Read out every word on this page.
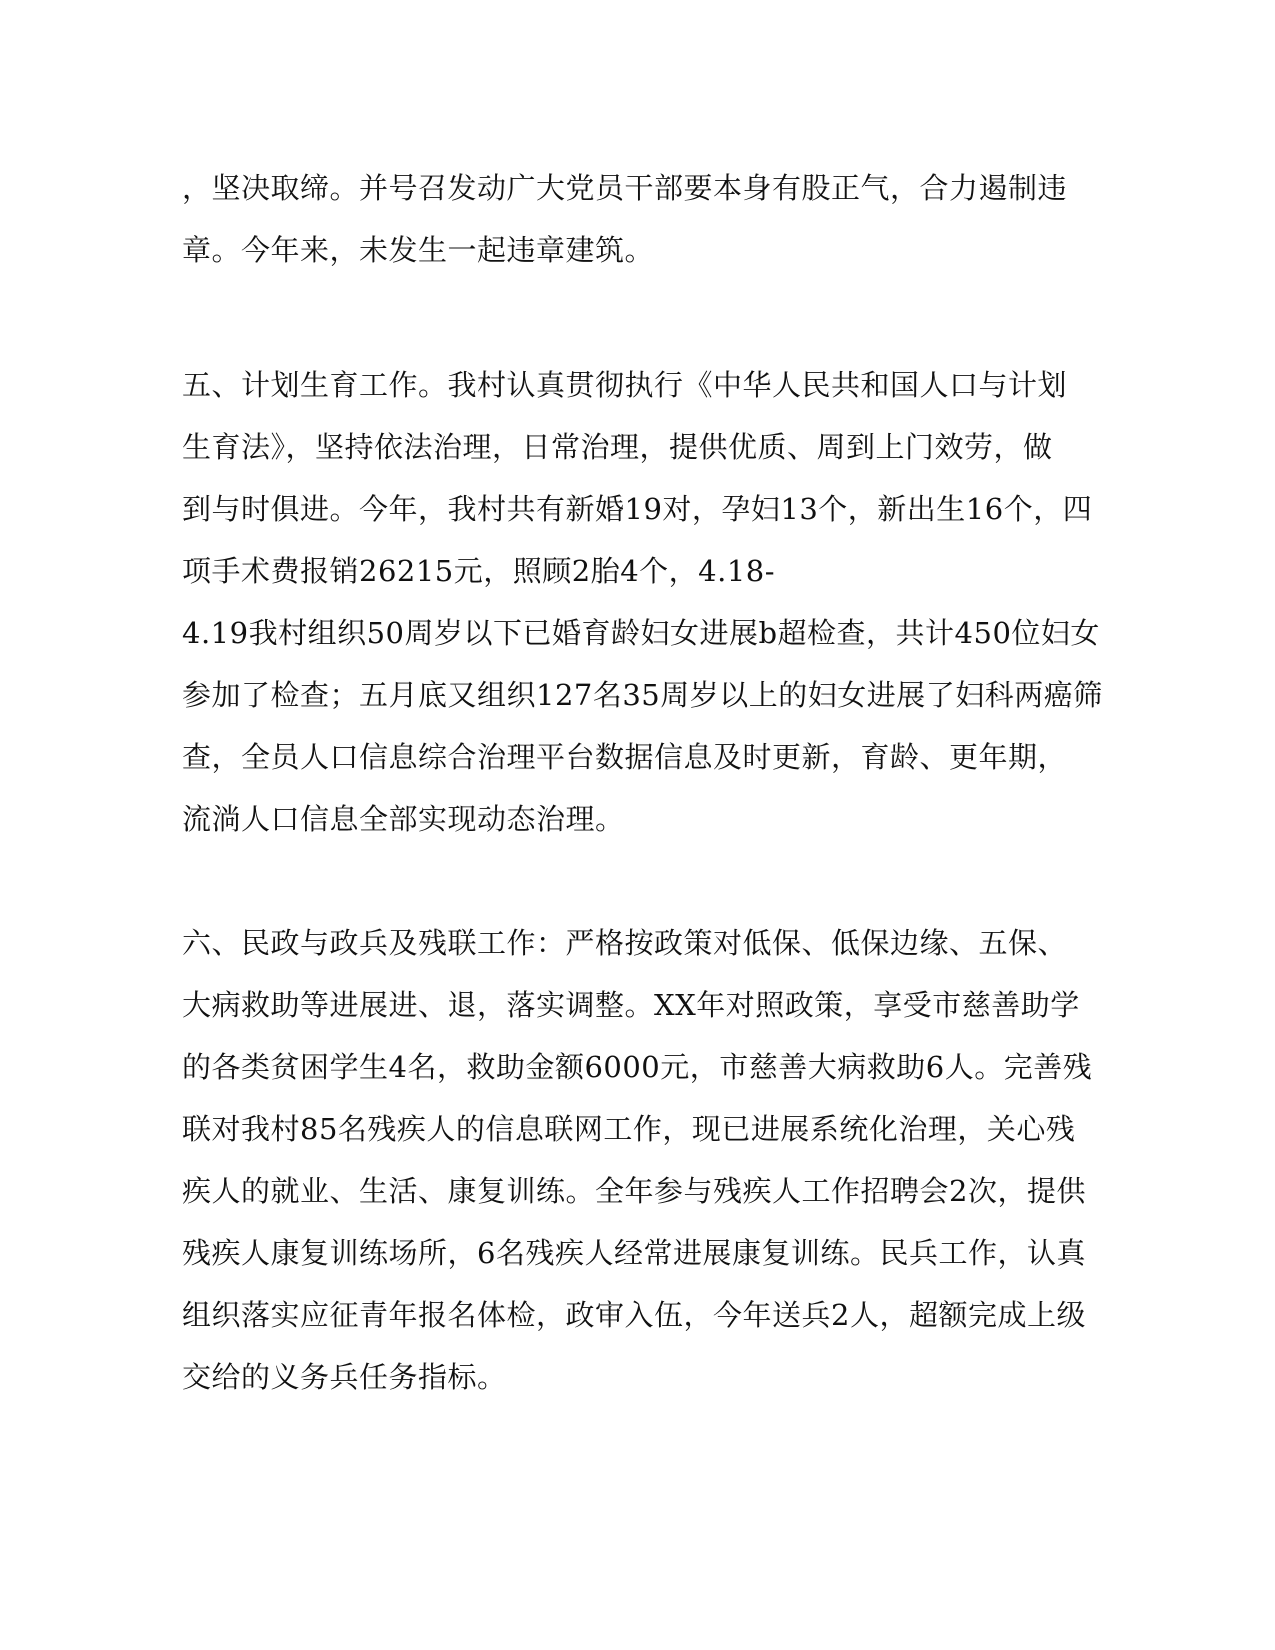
，坚决取缔。并号召发动广大党员干部要本身有股正气，合力遏制违
章。今年来，未发生一起违章建筑。
五、计划生育工作。我村认真贯彻执行《中华人民共和国人口与计划
生育法》，坚持依法治理，日常治理，提供优质、周到上门效劳，做
到与时俱进。今年，我村共有新婚19对，孕妇13个，新出生16个，四
项手术费报销26215元，照顾2胎4个，4.18-
4.19我村组织50周岁以下已婚育龄妇女进展b超检查，共计450位妇女
参加了检查；五月底又组织127名35周岁以上的妇女进展了妇科两癌筛
查，全员人口信息综合治理平台数据信息及时更新，育龄、更年期，
流淌人口信息全部实现动态治理。
六、民政与政兵及残联工作：严格按政策对低保、低保边缘、五保、
大病救助等进展进、退，落实调整。XX年对照政策，享受市慈善助学
的各类贫困学生4名，救助金额6000元，市慈善大病救助6人。完善残
联对我村85名残疾人的信息联网工作，现已进展系统化治理，关心残
疾人的就业、生活、康复训练。全年参与残疾人工作招聘会2次，提供
残疾人康复训练场所，6名残疾人经常进展康复训练。民兵工作，认真
组织落实应征青年报名体检，政审入伍，今年送兵2人，超额完成上级
交给的义务兵任务指标。
